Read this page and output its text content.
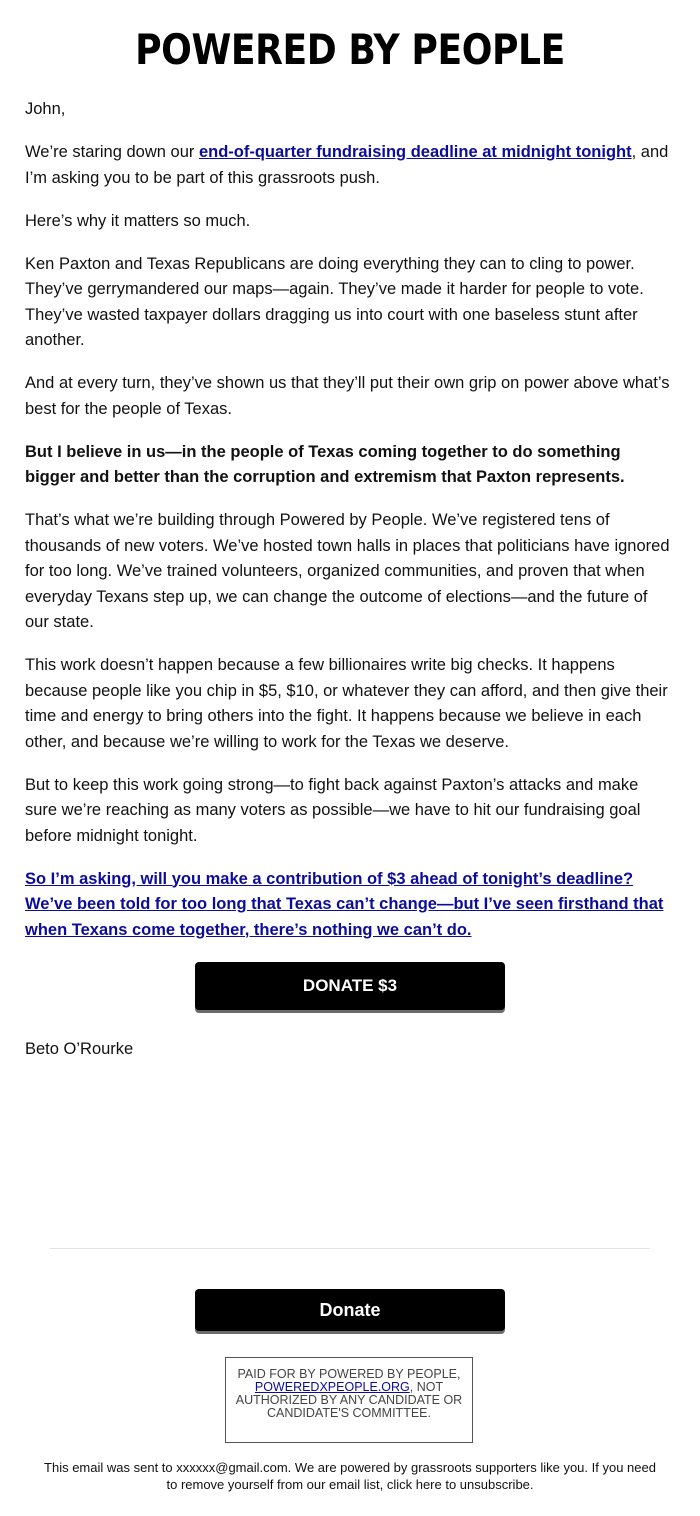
POWERED BY PEOPLE

John,

We’re staring down our end-of-quarter fundraising deadline at midnight tonight, and I’m asking you to be part of this grassroots push.

Here’s why it matters so much.

Ken Paxton and Texas Republicans are doing everything they can to cling to power. They’ve gerrymandered our maps—again. They’ve made it harder for people to vote. They’ve wasted taxpayer dollars dragging us into court with one baseless stunt after another.

And at every turn, they’ve shown us that they’ll put their own grip on power above what’s best for the people of Texas.

But I believe in us—in the people of Texas coming together to do something bigger and better than the corruption and extremism that Paxton represents.

That’s what we’re building through Powered by People. We’ve registered tens of thousands of new voters. We’ve hosted town halls in places that politicians have ignored for too long. We’ve trained volunteers, organized communities, and proven that when everyday Texans step up, we can change the outcome of elections—and the future of our state.

This work doesn’t happen because a few billionaires write big checks. It happens because people like you chip in $5, $10, or whatever they can afford, and then give their time and energy to bring others into the fight. It happens because we believe in each other, and because we’re willing to work for the Texas we deserve.

But to keep this work going strong—to fight back against Paxton’s attacks and make sure we’re reaching as many voters as possible—we have to hit our fundraising goal before midnight tonight.

So I’m asking, will you make a contribution of $3 ahead of tonight’s deadline? We’ve been told for too long that Texas can’t change—but I’ve seen firsthand that when Texans come together, there’s nothing we can’t do.

DONATE $3
Beto O’Rourke
Donate
PAID FOR BY POWERED BY PEOPLE, POWEREDXPEOPLE.ORG, NOT AUTHORIZED BY ANY CANDIDATE OR CANDIDATE'S COMMITTEE.
This email was sent to xxxxxx@gmail.com. We are powered by grassroots supporters like you. If you need to remove yourself from our email list, click here to unsubscribe.
